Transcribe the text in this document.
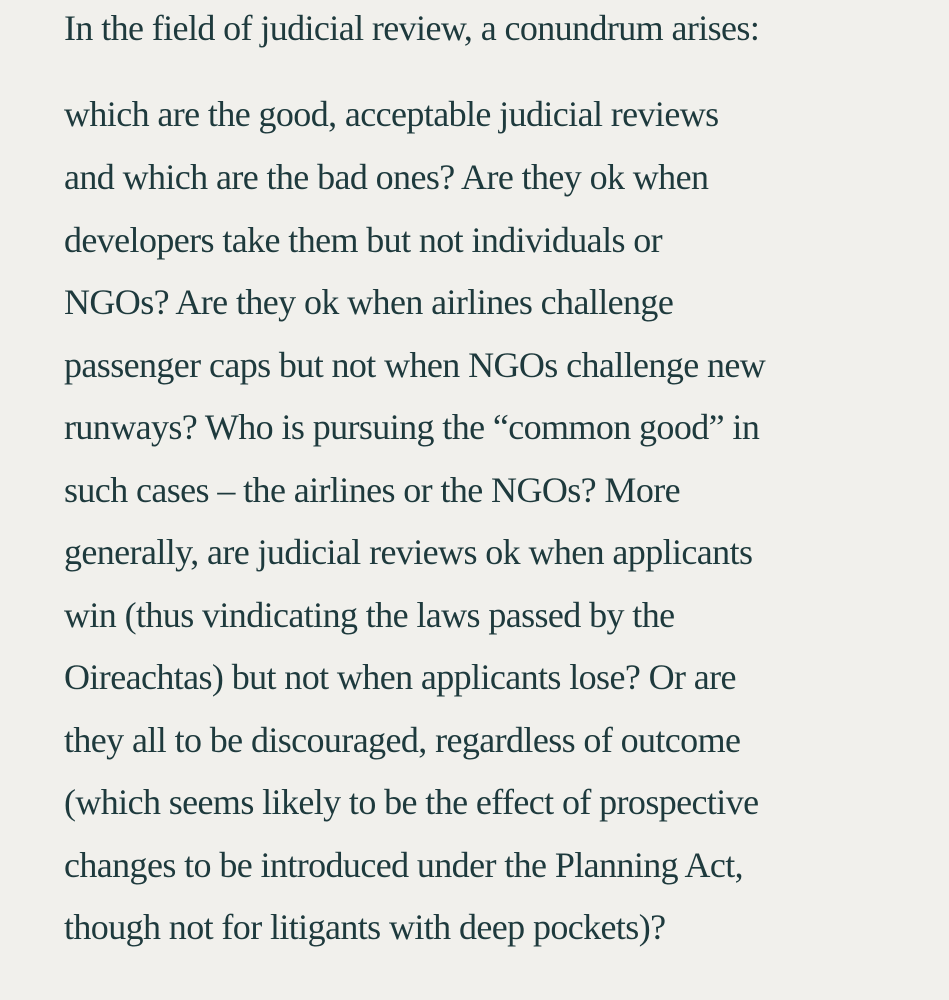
In the field of judicial review, a conundrum arises:
which are the good, acceptable judicial reviews
and which are the bad ones? Are they ok when
developers take them but not individuals or
NGOs? Are they ok when airlines challenge
passenger caps but not when NGOs challenge new
runways? Who is pursuing the “common good” in
such cases – the airlines or the NGOs? More
generally, are judicial reviews ok when applicants
win (thus vindicating the laws passed by the
Oireachtas) but not when applicants lose? Or are
they all to be discouraged, regardless of outcome
(which seems likely to be the effect of prospective
changes to be introduced under the Planning Act,
though not for litigants with deep pockets)?
